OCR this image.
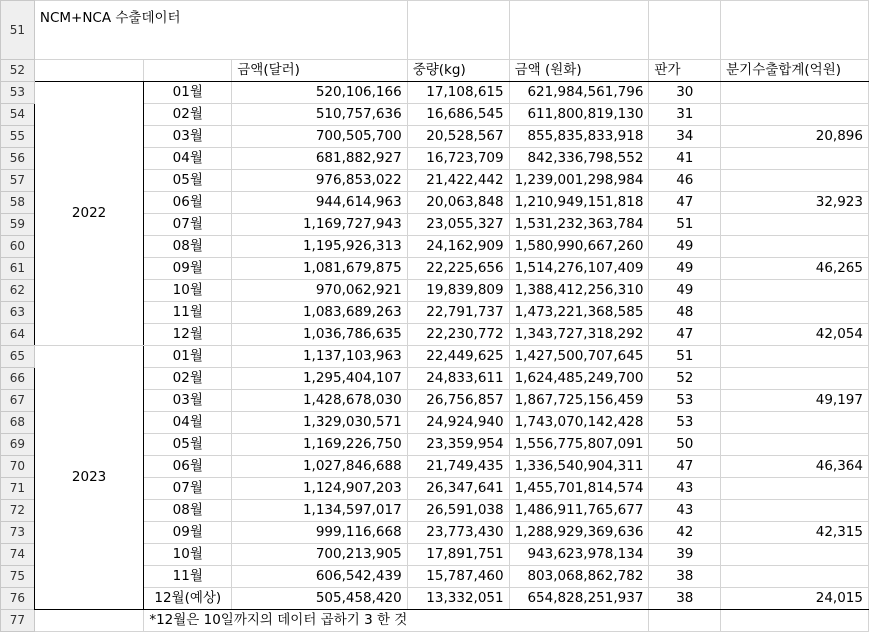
51	NCM+NCA 수출데이터						
52			금액(달러)	중량(kg)	금액 (원화)	판가	분기수출합계(억원)
53	2022	01월	520,106,166	17,108,615	621,984,561,796	30	
54		02월	510,757,636	16,686,545	611,800,819,130	31	
55		03월	700,505,700	20,528,567	855,835,833,918	34	20,896
56		04월	681,882,927	16,723,709	842,336,798,552	41	
57		05월	976,853,022	21,422,442	1,239,001,298,984	46	
58		06월	944,614,963	20,063,848	1,210,949,151,818	47	32,923
59		07월	1,169,727,943	23,055,327	1,531,232,363,784	51	
60		08월	1,195,926,313	24,162,909	1,580,990,667,260	49	
61		09월	1,081,679,875	22,225,656	1,514,276,107,409	49	46,265
62		10월	970,062,921	19,839,809	1,388,412,256,310	49	
63		11월	1,083,689,263	22,791,737	1,473,221,368,585	48	
64		12월	1,036,786,635	22,230,772	1,343,727,318,292	47	42,054
65	2023	01월	1,137,103,963	22,449,625	1,427,500,707,645	51	
66		02월	1,295,404,107	24,833,611	1,624,485,249,700	52	
67		03월	1,428,678,030	26,756,857	1,867,725,156,459	53	49,197
68		04월	1,329,030,571	24,924,940	1,743,070,142,428	53	
69		05월	1,169,226,750	23,359,954	1,556,775,807,091	50	
70		06월	1,027,846,688	21,749,435	1,336,540,904,311	47	46,364
71		07월	1,124,907,203	26,347,641	1,455,701,814,574	43	
72		08월	1,134,597,017	26,591,038	1,486,911,765,677	43	
73		09월	999,116,668	23,773,430	1,288,929,369,636	42	42,315
74		10월	700,213,905	17,891,751	943,623,978,134	39	
75		11월	606,542,439	15,787,460	803,068,862,782	38	
76		12월(예상)	505,458,420	13,332,051	654,828,251,937	38	24,015
77		*12월은 10일까지의 데이터 곱하기 3 한 것					
